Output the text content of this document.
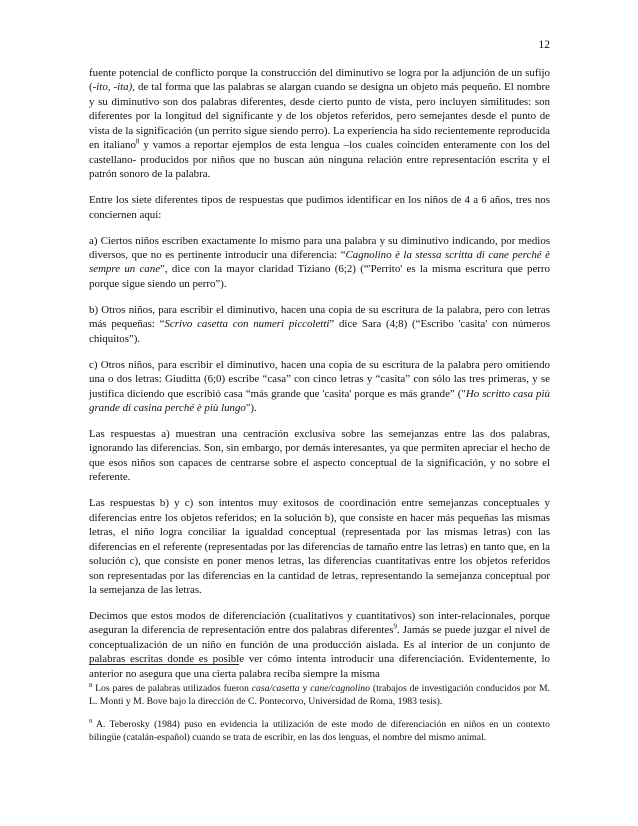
12

fuente potencial de conflicto porque la construcción del diminutivo se logra por la adjunción de un sufijo (-ito, -ita), de tal forma que las palabras se alargan cuando se designa un objeto más pequeño. El nombre y su diminutivo son dos palabras diferentes, desde cierto punto de vista, pero incluyen similitudes: son diferentes por la longitud del significante y de los objetos referidos, pero semejantes desde el punto de vista de la significación (un perrito sigue siendo perro). La experiencia ha sido recientemente reproducida en italiano$^8$ y vamos a reportar ejemplos de esta lengua –los cuales coinciden enteramente con los del castellano- producidos por niños que no buscan aún ninguna relación entre representación escrita y el patrón sonoro de la palabra.

Entre los siete diferentes tipos de respuestas que pudimos identificar en los niños de 4 a 6 años, tres nos conciernen aquí:

a) Ciertos niños escriben exactamente lo mismo para una palabra y su diminutivo indicando, por medios diversos, que no es pertinente introducir una diferencia: “Cagnolino è la stessa scritta di cane perché è sempre un cane”, dice con la mayor claridad Tiziano (6;2) (“'Perrito' es la misma escritura que perro porque sigue siendo un perro”).

b) Otros niños, para escribir el diminutivo, hacen una copia de su escritura de la palabra, pero con letras más pequeñas: “Scrivo casetta con numeri piccoletti” dice Sara (4;8) (“Escribo 'casita' con números chiquitos”).

c) Otros niños, para escribir el diminutivo, hacen una copia de su escritura de la palabra pero omitiendo una o dos letras: Giuditta (6;0) escribe “casa” con cinco letras y “casita” con sólo las tres primeras, y se justifica diciendo que escribió casa “más grande que 'casita' porque es más grande” ("Ho scritto casa più grande di casina perché è più lungo").

Las respuestas a) muestran una centración exclusiva sobre las semejanzas entre las dos palabras, ignorando las diferencias. Son, sin embargo, por demás interesantes, ya que permiten apreciar el hecho de que esos niños son capaces de centrarse sobre el aspecto conceptual de la significación, y no sobre el referente.

Las respuestas b) y c) son intentos muy exitosos de coordinación entre semejanzas conceptuales y diferencias entre los objetos referidos; en la solución b), que consiste en hacer más pequeñas las mismas letras, el niño logra conciliar la igualdad conceptual (representada por las mismas letras) con las diferencias en el referente (representadas por las diferencias de tamaño entre las letras) en tanto que, en la solución c), que consiste en poner menos letras, las diferencias cuantitativas entre los objetos referidos son representadas por las diferencias en la cantidad de letras, representando la semejanza conceptual por la semejanza de las letras.

Decimos que estos modos de diferenciación (cualitativos y cuantitativos) son inter-relacionales, porque aseguran la diferencia de representación entre dos palabras diferentes$^9$. Jamás se puede juzgar el nivel de conceptualización de un niño en función de una producción aislada. Es al interior de un conjunto de palabras escritas donde es posible ver cómo intenta introducir una diferenciación. Evidentemente, lo anterior no asegura que una cierta palabra reciba siempre la misma

$^8$ Los pares de palabras utilizados fueron casa/casetta y cane/cagnolino (trabajos de investigación conducidos por M. L. Monti y M. Bove bajo la dirección de C. Pontecorvo, Universidad de Roma, 1983 tesis).

$^9$ A. Teberosky (1984) puso en evidencia la utilización de este modo de diferenciación en niños en un contexto bilingüe (catalán-español) cuando se trata de escribir, en las dos lenguas, el nombre del mismo animal.
